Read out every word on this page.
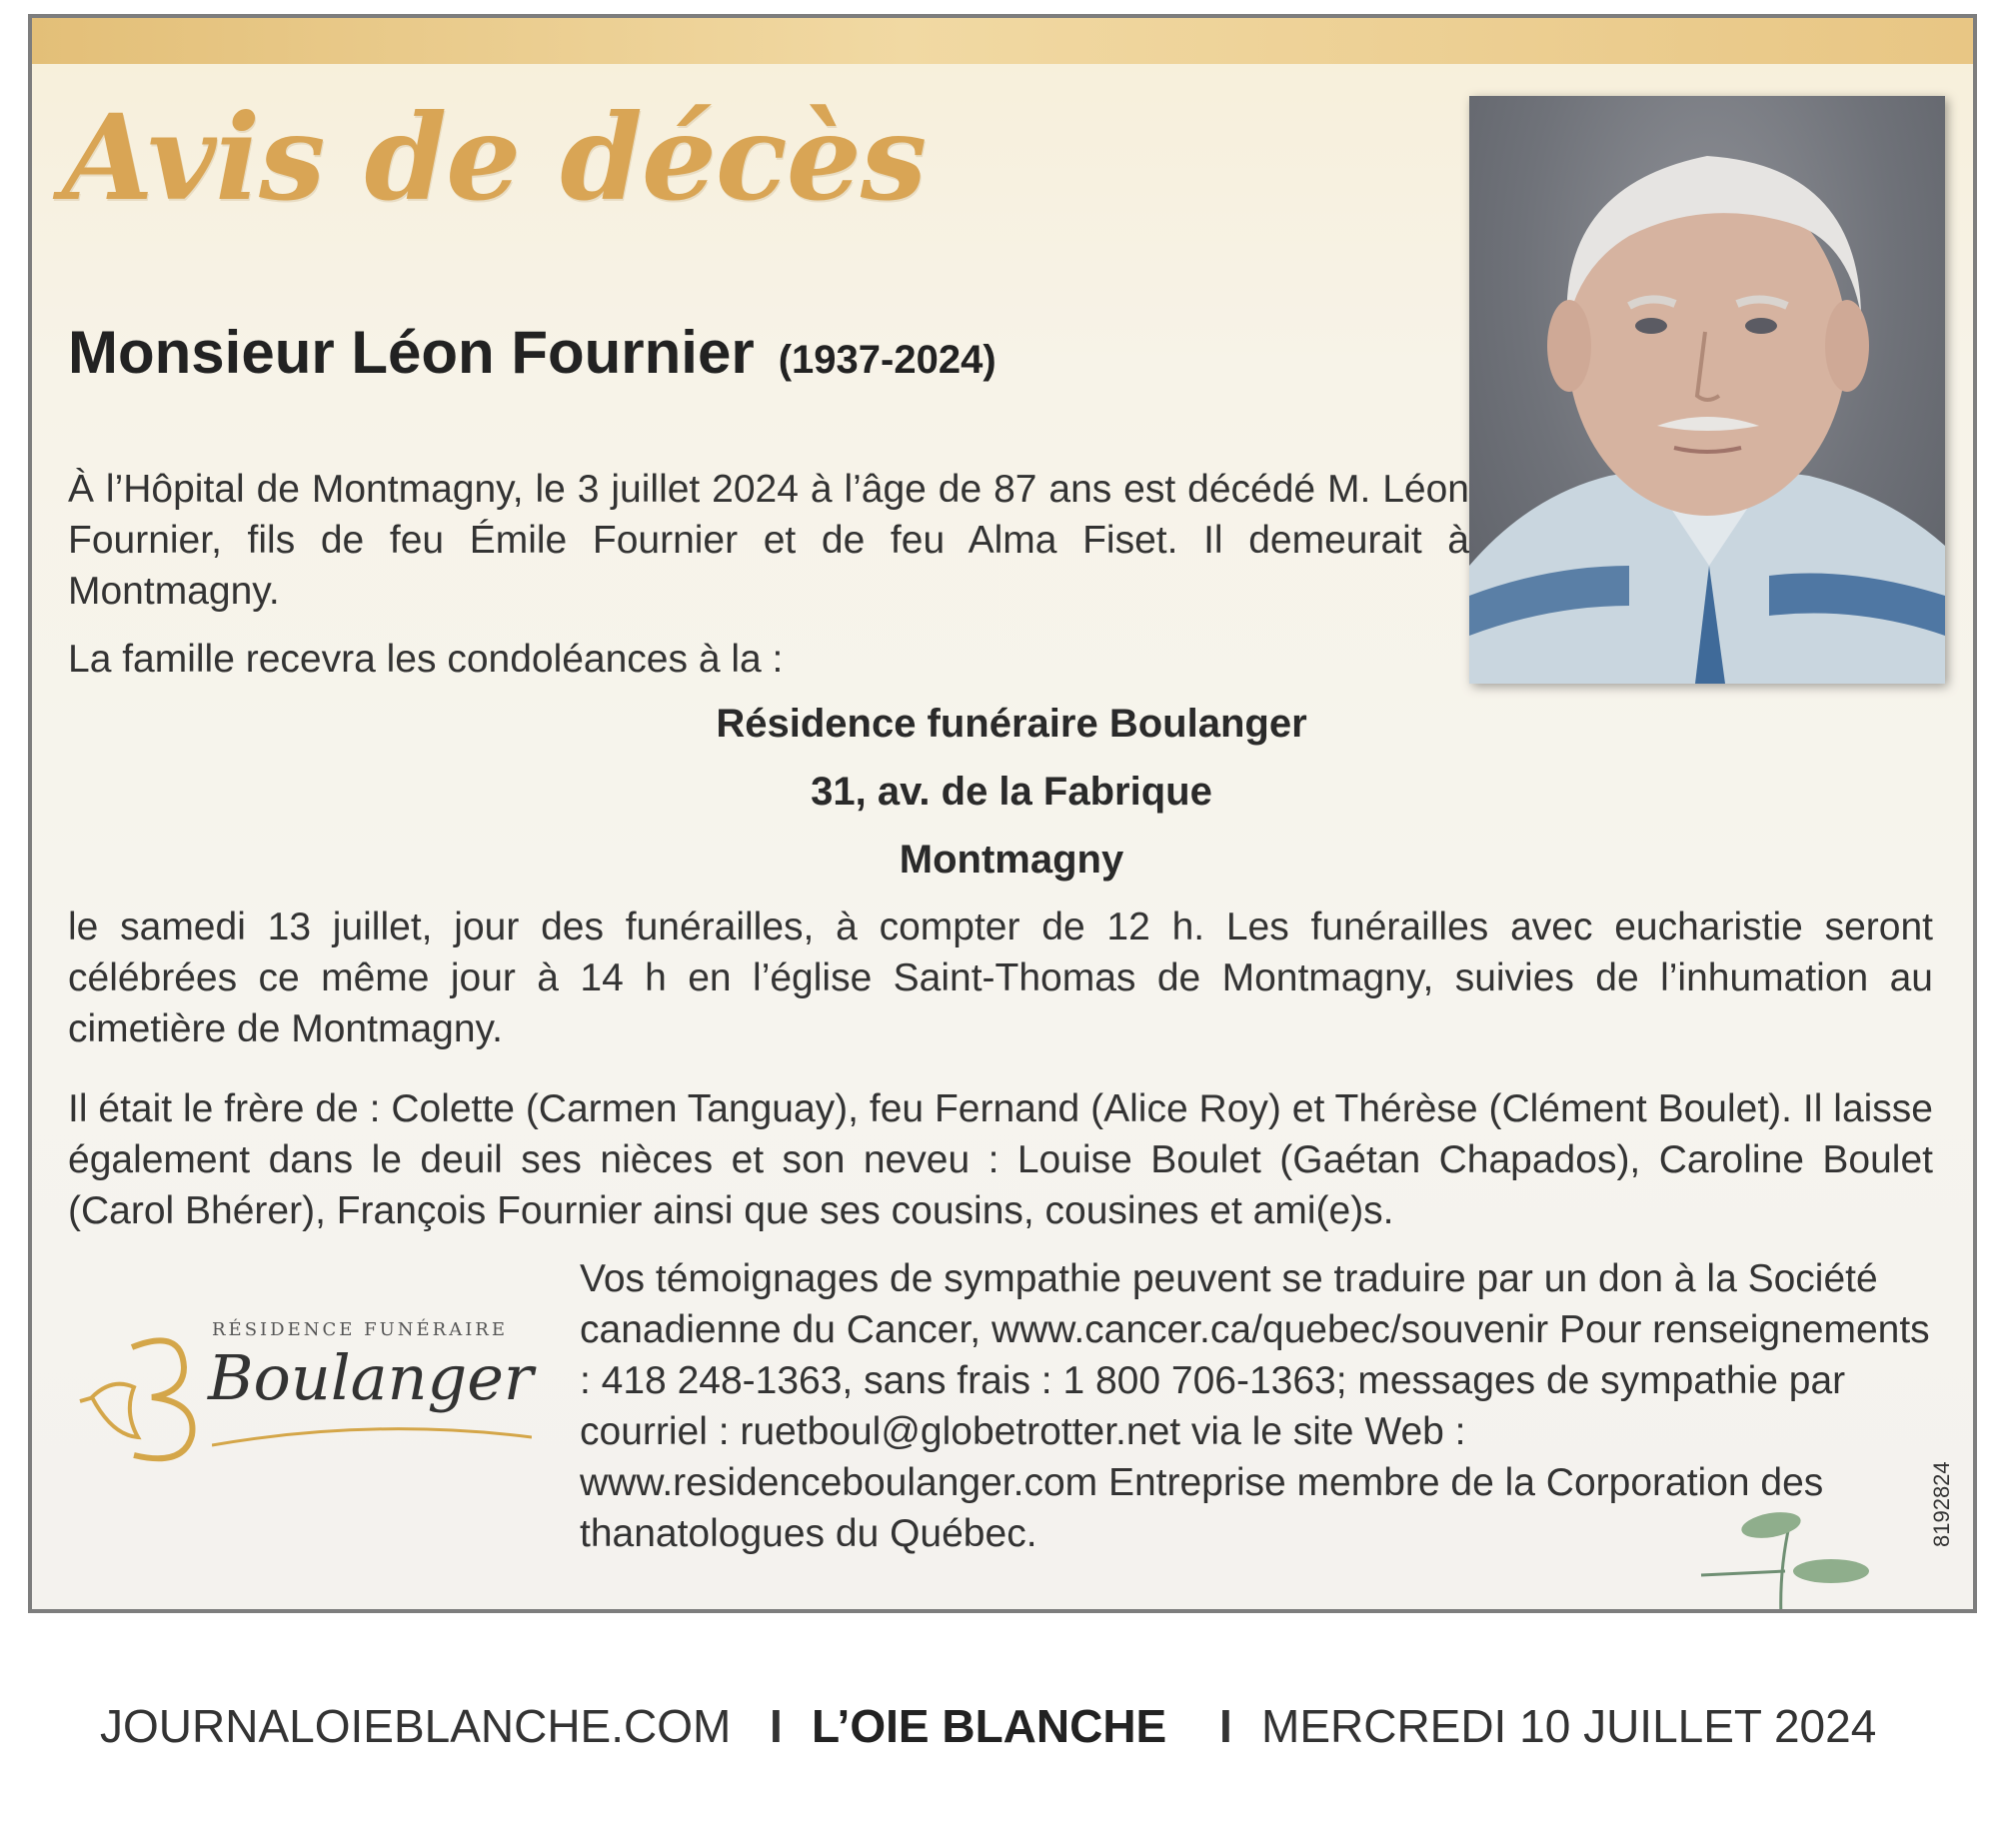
Avis de décès
Monsieur Léon Fournier (1937-2024)
À l’Hôpital de Montmagny, le 3 juillet 2024 à l’âge de 87 ans est décédé M. Léon Fournier, fils de feu Émile Fournier et de feu Alma Fiset. Il demeurait à Montmagny.
La famille recevra les condoléances à la :
Résidence funéraire Boulanger
31, av. de la Fabrique
Montmagny
le samedi 13 juillet, jour des funérailles, à compter de 12 h. Les funérailles avec eucharistie seront célébrées ce même jour à 14 h en l’église Saint-Thomas de Montmagny, suivies de l’inhumation au cimetière de Montmagny.
Il était le frère de : Colette (Carmen Tanguay), feu Fernand (Alice Roy) et Thérèse (Clément Boulet). Il laisse également dans le deuil ses nièces et son neveu : Louise Boulet (Gaétan Chapados), Caroline Boulet (Carol Bhérer), François Fournier ainsi que ses cousins, cousines et ami(e)s.
Vos témoignages de sympathie peuvent se traduire par un don à la Société canadienne du Cancer, www.cancer.ca/quebec/souvenir Pour renseignements : 418 248-1363, sans frais : 1 800 706-1363; messages de sympathie par courriel : ruetboul@globetrotter.net via le site Web : www.residenceboulanger.com Entreprise membre de la Corporation des thanatologues du Québec.
RÉSIDENCE FUNÉRAIRE
Boulanger
8192824
JOURNALOIEBLANCHE.COM I L’OIE BLANCHE I MERCREDI 10 JUILLET 2024
